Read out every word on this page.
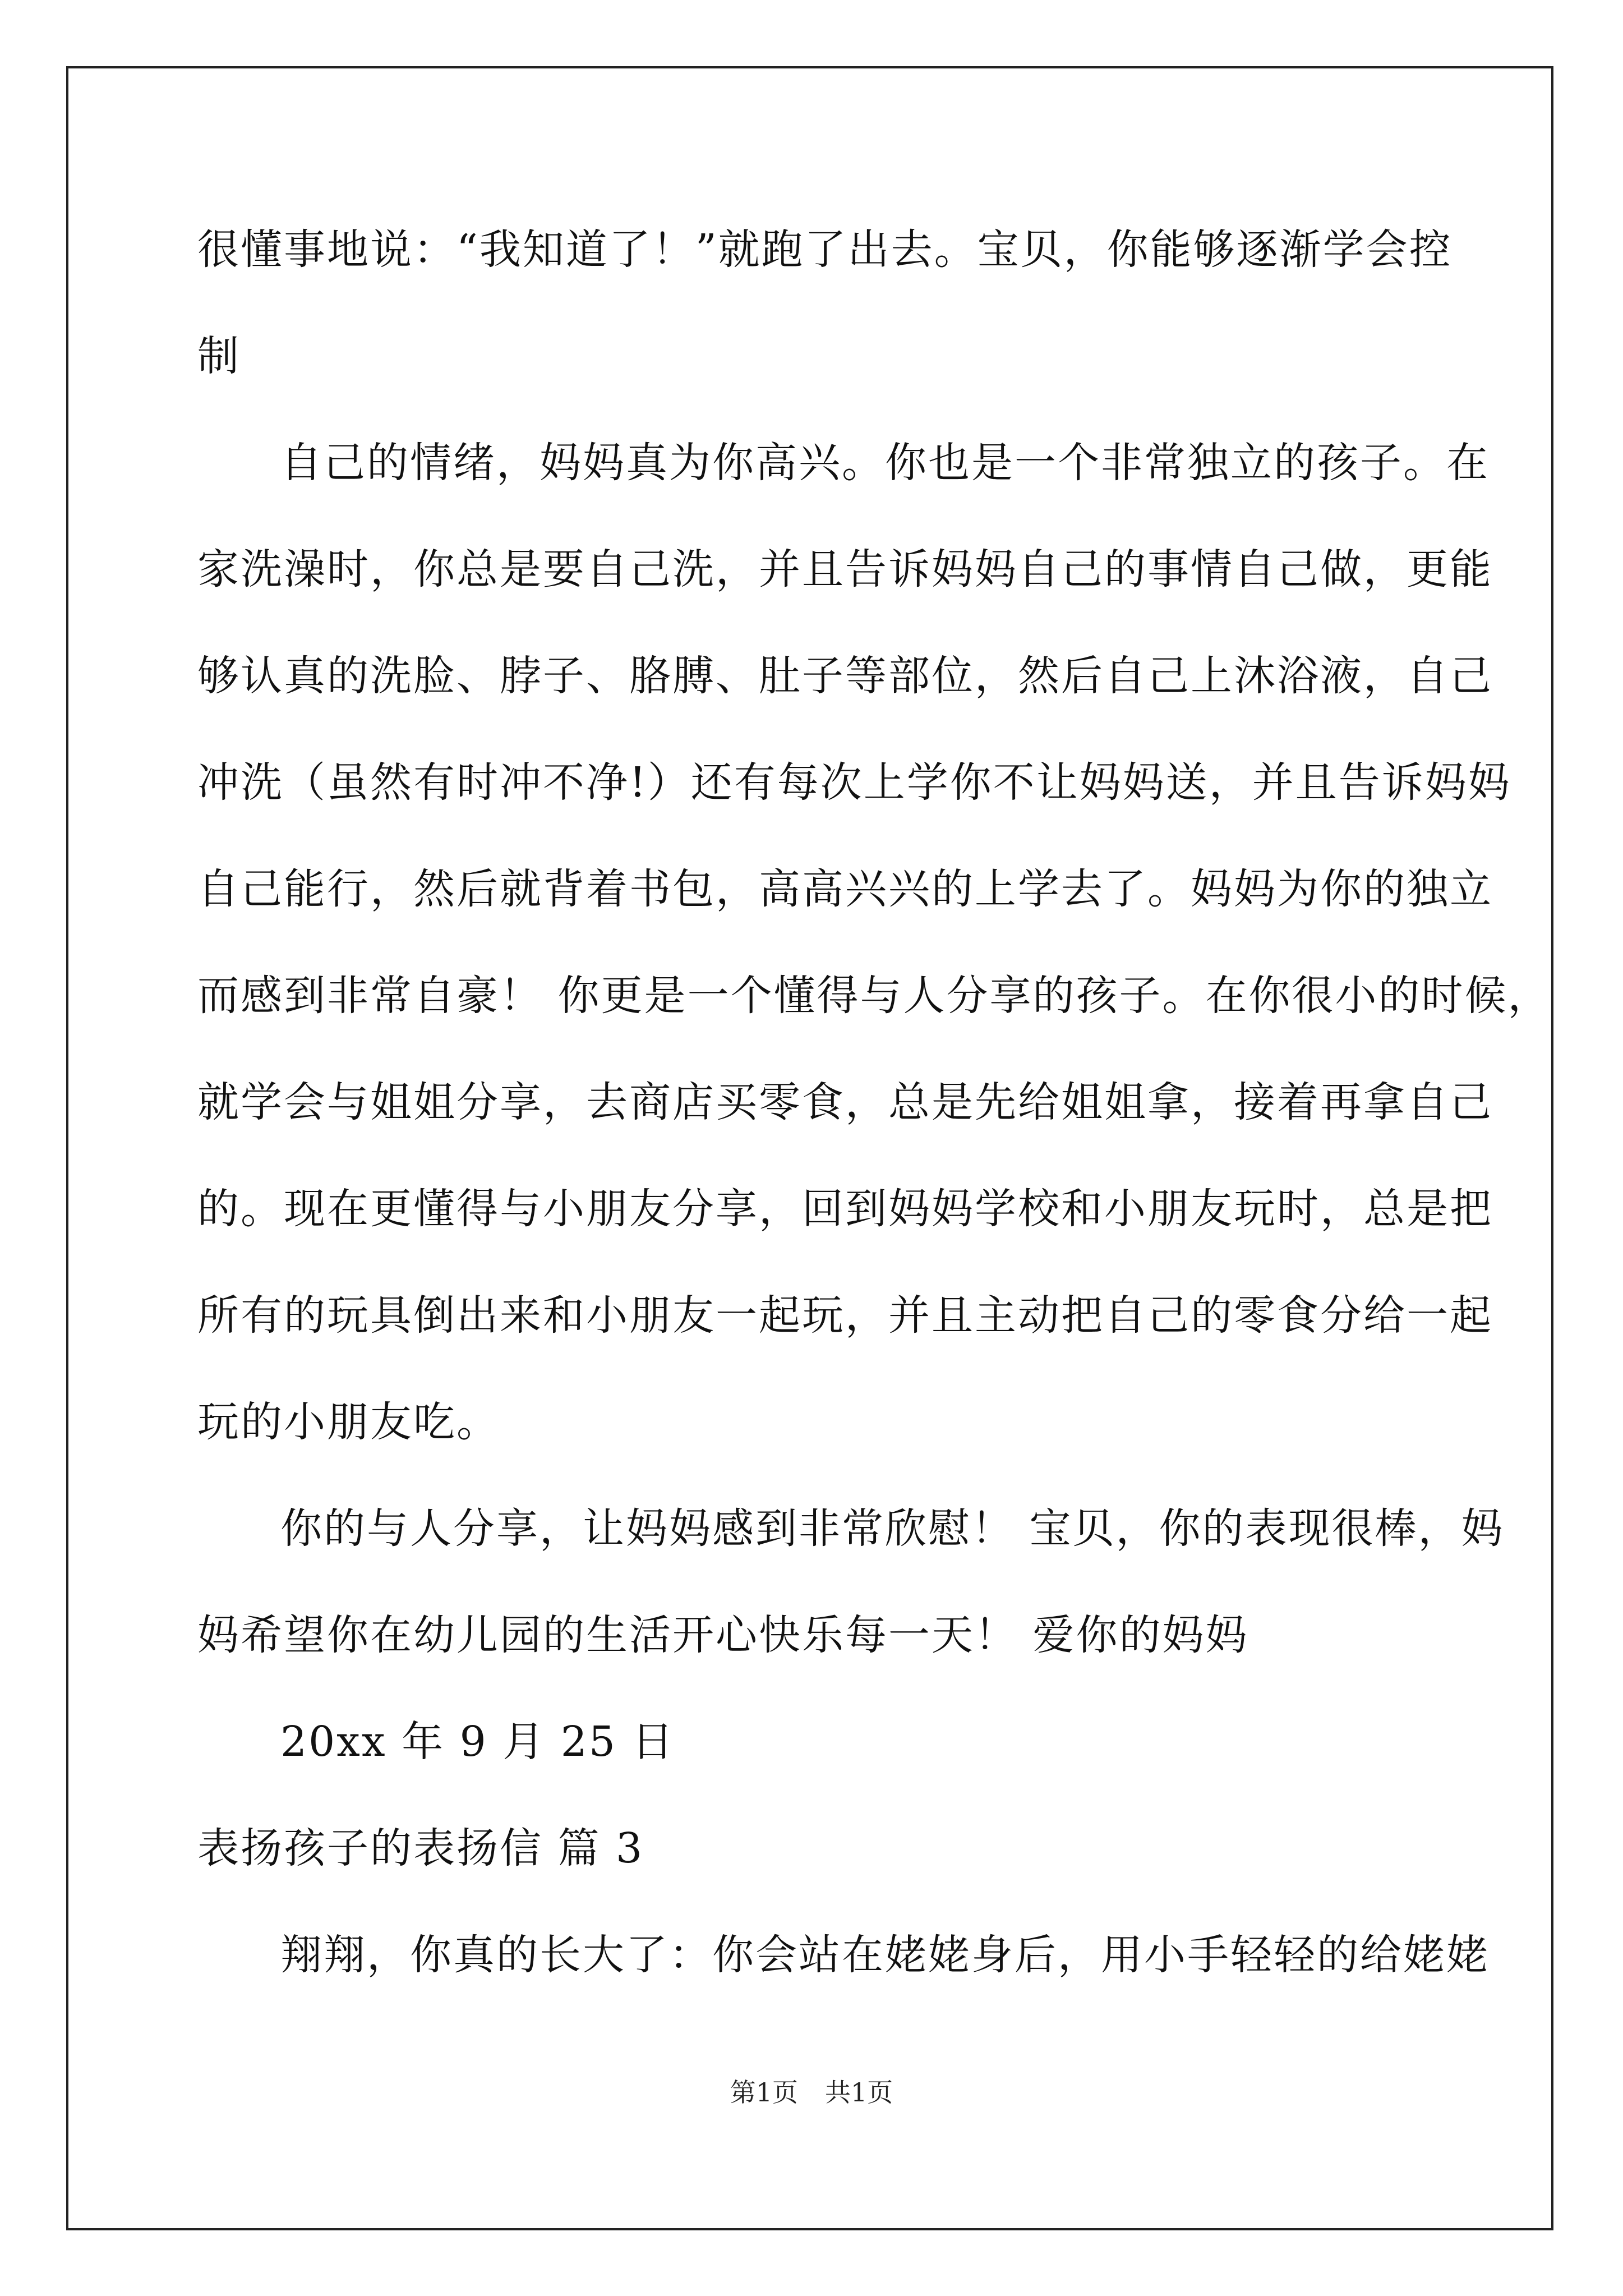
很懂事地说：“我知道了！”就跑了出去。宝贝，你能够逐渐学会控
制
自己的情绪，妈妈真为你高兴。你也是一个非常独立的孩子。在
家洗澡时，你总是要自己洗，并且告诉妈妈自己的事情自己做，更能
够认真的洗脸、脖子、胳膊、肚子等部位，然后自己上沐浴液，自己
冲洗（虽然有时冲不净!）还有每次上学你不让妈妈送，并且告诉妈妈
自己能行，然后就背着书包，高高兴兴的上学去了。妈妈为你的独立
而感到非常自豪！ 你更是一个懂得与人分享的孩子。在你很小的时候，
就学会与姐姐分享，去商店买零食，总是先给姐姐拿，接着再拿自己
的。现在更懂得与小朋友分享，回到妈妈学校和小朋友玩时，总是把
所有的玩具倒出来和小朋友一起玩，并且主动把自己的零食分给一起
玩的小朋友吃。
你的与人分享，让妈妈感到非常欣慰！ 宝贝，你的表现很棒，妈
妈希望你在幼儿园的生活开心快乐每一天！ 爱你的妈妈
20xx 年 9 月 25 日
表扬孩子的表扬信 篇 3
翔翔，你真的长大了：你会站在姥姥身后，用小手轻轻的给姥姥
第1页 共1页
